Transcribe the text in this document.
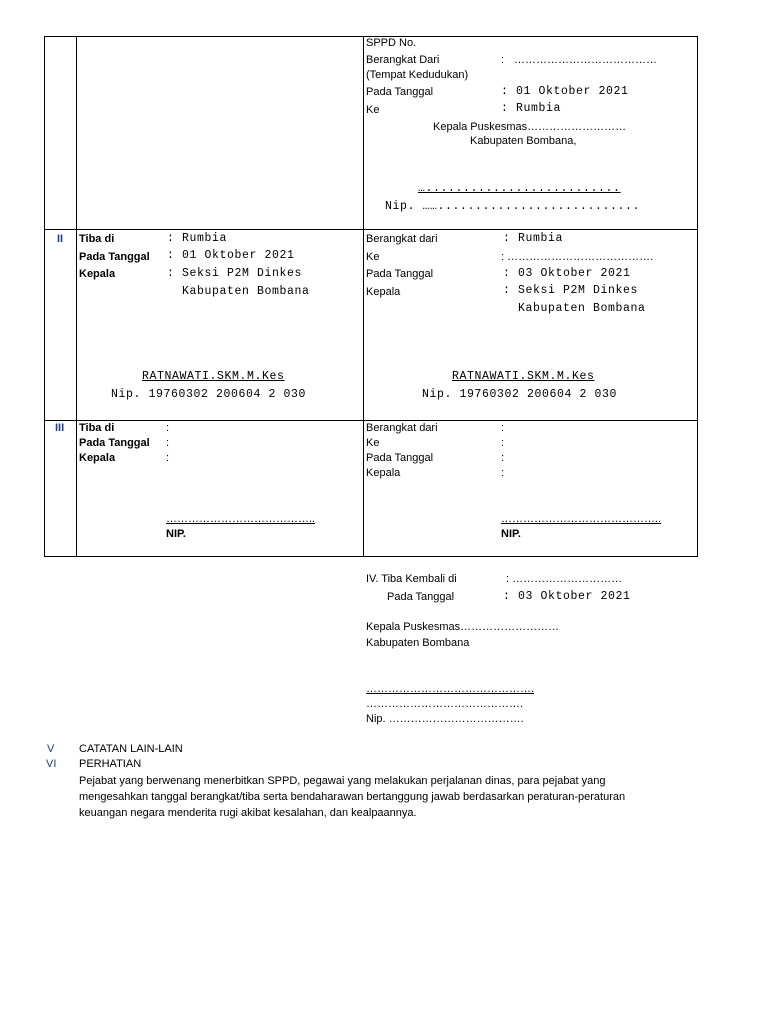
SPPD No.
Berangkat Dari	: …………………………………
(Tempat Kedudukan)
Pada Tanggal	: 01 Oktober 2021
Ke	: Rumbia
Kepala Puskesmas………………………
Kabupaten Bombana,
…..........................
Nip. ……...........................
II Tiba di	: Rumbia
Pada Tanggal : 01 Oktober 2021
Kepala	: Seksi P2M Dinkes
Kabupaten Bombana
RATNAWATI.SKM.M.Kes
Nip. 19760302 200604 2 030
Berangkat dari	: Rumbia
Ke	: ………………………………….
Pada Tanggal	: 03 Oktober 2021
Kepala	: Seksi P2M Dinkes
Kabupaten Bombana
RATNAWATI.SKM.M.Kes
Nip. 19760302 200604 2 030
III Tiba di	:
Pada Tanggal :
Kepala	:
…………………………………..
NIP.
Berangkat dari	:
Ke	:
Pada Tanggal	:
Kepala	:
……………………………………..
NIP.
IV. Tiba Kembali di	: …………………………
Pada Tanggal	: 03 Oktober 2021
Kepala Puskesmas………………………
Kabupaten Bombana
……………………………………….
…………………………………….
Nip. ……………………………….
V CATATAN LAIN-LAIN
VI PERHATIAN

Pejabat yang berwenang menerbitkan SPPD, pegawai yang melakukan perjalanan dinas, para pejabat yang mengesahkan tanggal berangkat/tiba serta bendaharawan bertanggung jawab berdasarkan peraturan-peraturan keuangan negara menderita rugi akibat kesalahan, dan kealpaannya.
